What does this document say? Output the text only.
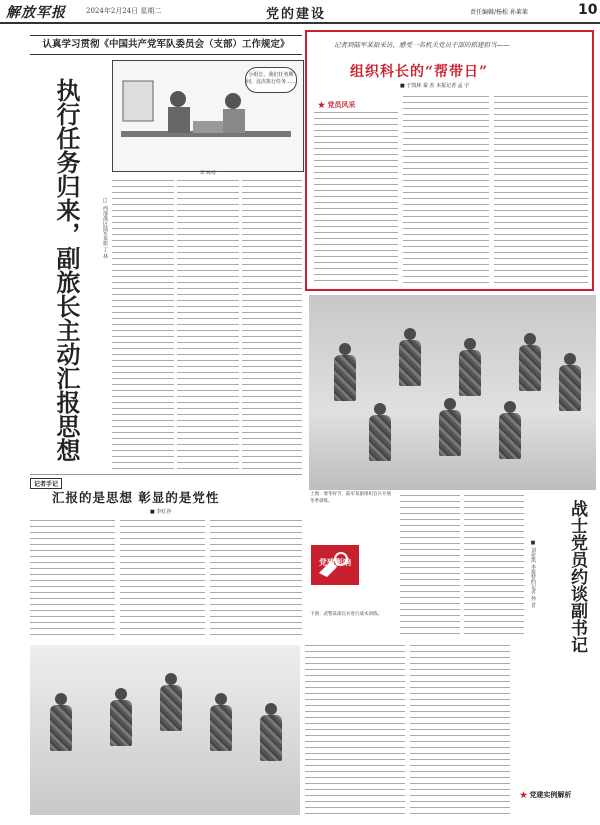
解放军报	2024年2月24日 星期二	党的建设	责任编辑/杨松 孙莱莱	10
认真学习贯彻《中国共产党军队委员会（支部）工作规定》
执行任务归来，副旅长主动汇报思想	□ 西部战区陆军某旅 丁 林
小组长，我们任务期间，这次执行任务……
郭 飒/绘
记者手记
汇报的是思想 彰显的是党性
■ 李红谷
记者到陆军某旅采访，感受一名机关党员干部的抓建担当——
组织科长的“帮带日”
■ 于凯林 秦 杰 本报记者 孟 宇
★ 党员风采
上图：寒冬时节，陆军某旅组织官兵开展冬季训练。
下图：武警某部官兵进行战术训练。
党建影响	战士党员约谈副书记
■ 刘张凯 本报特约记者 孙 晋
★ 党建实例解析
